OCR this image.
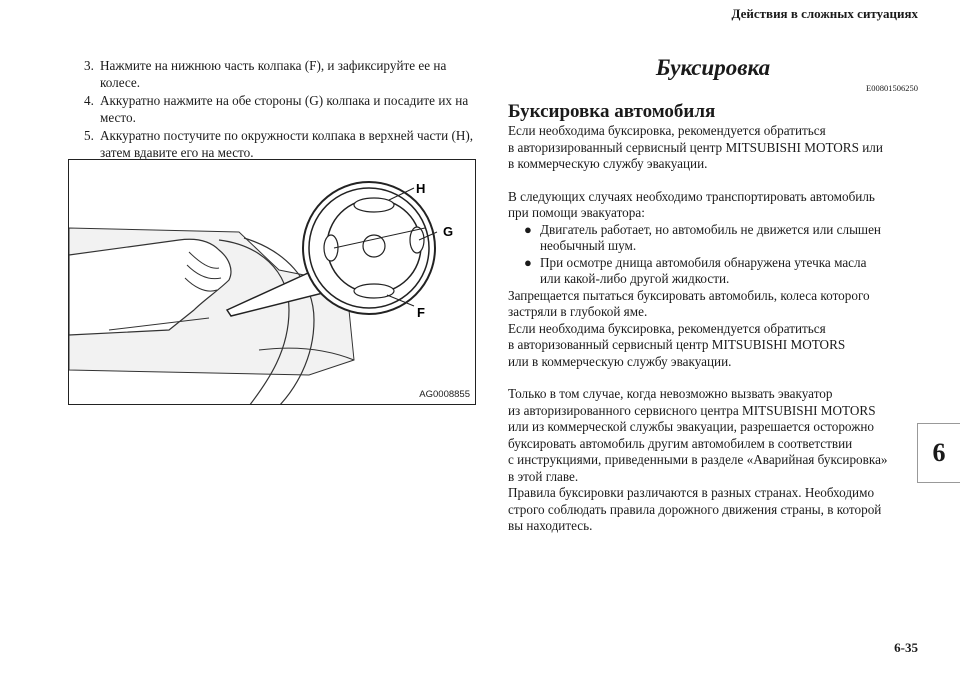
Действия в сложных ситуациях
3. Нажмите на нижнюю часть колпака (F), и зафиксируйте ее на колесе.
4. Аккуратно нажмите на обе стороны (G) колпака и посадите их на место.
5. Аккуратно постучите по окружности колпака в верхней части (H), затем вдавите его на место.
H
G
F
AG0008855
Буксировка
E00801506250
Буксировка автомобиля

Если необходима буксировка, рекомендуется обратиться
в авторизированный сервисный центр MITSUBISHI MOTORS или
в коммерческую службу эвакуации.

В следующих случаях необходимо транспортировать автомобиль
при помощи эвакуатора:

● Двигатель работает, но автомобиль не движется или слышен
необычный шум.
● При осмотре днища автомобиля обнаружена утечка масла
или какой-либо другой жидкости.

Запрещается пытаться буксировать автомобиль, колеса которого
застряли в глубокой яме.
Если необходима буксировка, рекомендуется обратиться
в авторизованный сервисный центр MITSUBISHI MOTORS
или в коммерческую службу эвакуации.

Только в том случае, когда невозможно вызвать эвакуатор
из авторизированного сервисного центра MITSUBISHI MOTORS
или из коммерческой службы эвакуации, разрешается осторожно
буксировать автомобиль другим автомобилем в соответствии
с инструкциями, приведенными в разделе «Аварийная буксировка»
в этой главе.
Правила буксировки различаются в разных странах. Необходимо
строго соблюдать правила дорожного движения страны, в которой
вы находитесь.

6
6-35
